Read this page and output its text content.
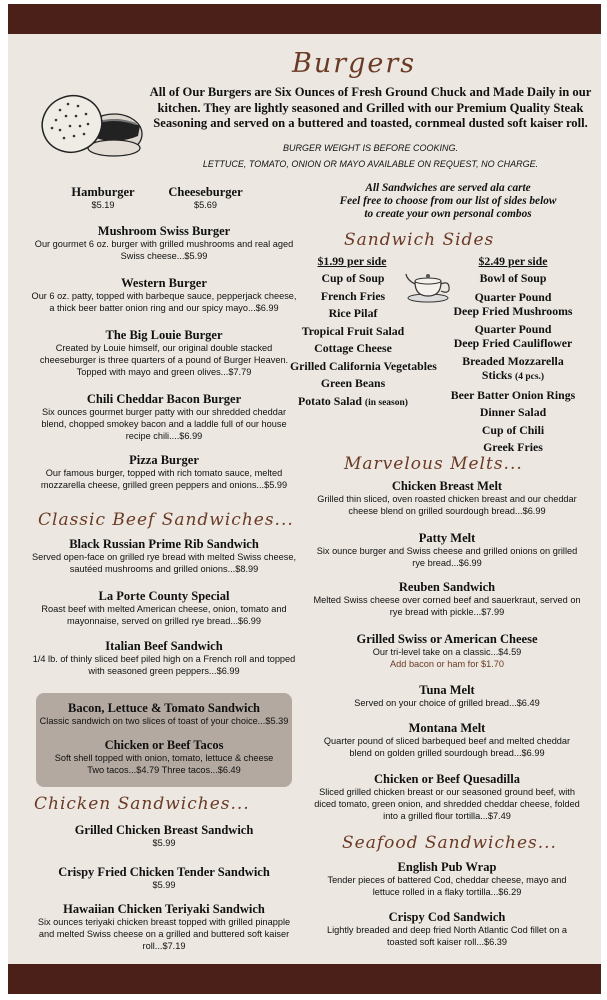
Burgers
All of Our Burgers are Six Ounces of Fresh Ground Chuck and Made Daily in our kitchen. They are lightly seasoned and Grilled with our Premium Quality Steak Seasoning and served on a buttered and toasted, cornmeal dusted soft kaiser roll.
BURGER WEIGHT IS BEFORE COOKING.
LETTUCE, TOMATO, ONION OR MAYO AVAILABLE ON REQUEST, NO CHARGE.
Hamburger
$5.19
Cheeseburger
$5.69
Mushroom Swiss Burger
Our gourmet 6 oz. burger with grilled mushrooms and real aged Swiss cheese...$5.99
Western Burger
Our 6 oz. patty, topped with barbeque sauce, pepperjack cheese, a thick beer batter onion ring and our spicy mayo...$6.99
The Big Louie Burger
Created by Louie himself, our original double stacked cheeseburger is three quarters of a pound of Burger Heaven. Topped with mayo and green olives...$7.79
Chili Cheddar Bacon Burger
Six ounces gourmet burger patty with our shredded cheddar blend, chopped smokey bacon and a laddle full of our house recipe chili....$6.99
Pizza Burger
Our famous burger, topped with rich tomato sauce, melted mozzarella cheese, grilled green peppers and onions...$5.99
Classic Beef Sandwiches...
Black Russian Prime Rib Sandwich
Served open-face on grilled rye bread with melted Swiss cheese, sautéed mushrooms and grilled onions...$8.99
La Porte County Special
Roast beef with melted American cheese, onion, tomato and mayonnaise, served on grilled rye bread...$6.99
Italian Beef Sandwich
1/4 lb. of thinly sliced beef piled high on a French roll and topped with seasoned green peppers...$6.99
Bacon, Lettuce & Tomato Sandwich
Classic sandwich on two slices of toast of your choice...$5.39
Chicken or Beef Tacos
Soft shell topped with onion, tomato, lettuce & cheese
Two tacos...$4.79 Three tacos...$6.49
Chicken Sandwiches...
Grilled Chicken Breast Sandwich
$5.99
Crispy Fried Chicken Tender Sandwich
$5.99
Hawaiian Chicken Teriyaki Sandwich
Six ounces teriyaki chicken breast topped with grilled pinapple and melted Swiss cheese on a grilled and buttered soft kaiser roll...$7.19
All Sandwiches are served ala carte
Feel free to choose from our list of sides below
to create your own personal combos
Sandwich Sides
$1.99 per side	$2.49 per side
Cup of Soup
French Fries
Rice Pilaf
Tropical Fruit Salad
Cottage Cheese
Grilled California Vegetables
Green Beans
Potato Salad (in season)
Bowl of Soup
Quarter Pound
Deep Fried Mushrooms
Quarter Pound
Deep Fried Cauliflower
Breaded Mozzarella
Sticks (4 pcs.)
Beer Batter Onion Rings
Dinner Salad
Cup of Chili
Greek Fries
Marvelous Melts...
Chicken Breast Melt
Grilled thin sliced, oven roasted chicken breast and our cheddar cheese blend on grilled sourdough bread...$6.99
Patty Melt
Six ounce burger and Swiss cheese and grilled onions on grilled rye bread...$6.99
Reuben Sandwich
Melted Swiss cheese over corned beef and sauerkraut, served on rye bread with pickle...$7.99
Grilled Swiss or American Cheese
Our tri-level take on a classic...$4.59
Add bacon or ham for $1.70
Tuna Melt
Served on your choice of grilled bread...$6.49
Montana Melt
Quarter pound of sliced barbequed beef and melted cheddar blend on golden grilled sourdough bread...$6.99
Chicken or Beef Quesadilla
Sliced grilled chicken breast or our seasoned ground beef, with diced tomato, green onion, and shredded cheddar cheese, folded into a grilled flour tortilla...$7.49
Seafood Sandwiches...
English Pub Wrap
Tender pieces of battered Cod, cheddar cheese, mayo and lettuce rolled in a flaky tortilla...$6.29
Crispy Cod Sandwich
Lightly breaded and deep fried North Atlantic Cod fillet on a toasted soft kaiser roll...$6.39
